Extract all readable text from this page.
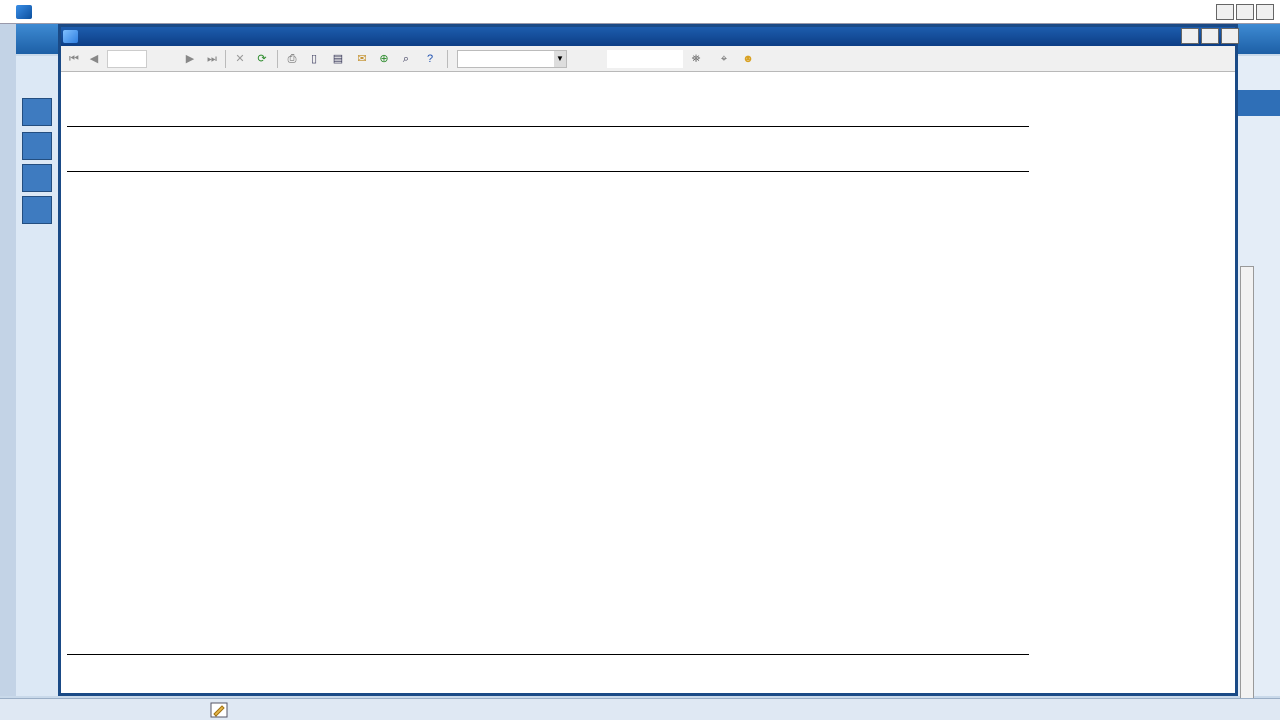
⏮ ◀	▶ ⏭ ✕ ⟳ ⎙	▯	▤ ✉ ⊕	⌕	?	▼	⛯	⌖	☻
